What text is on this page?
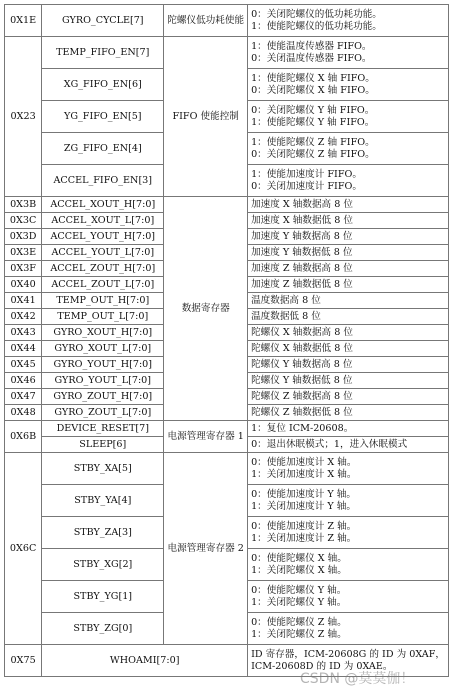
0X1E	GYRO_CYCLE[7]	陀螺仪低功耗使能	0：关闭陀螺仪的低功耗功能。
1：使能陀螺仪的低功耗功能。

0X23	TEMP_FIFO_EN[7]	FIFO 使能控制	1：使能温度传感器 FIFO。
0：关闭温度传感器 FIFO。

	XG_FIFO_EN[6]		1：使能陀螺仪 X 轴 FIFO。
0：关闭陀螺仪 X 轴 FIFO。

	YG_FIFO_EN[5]		0：关闭陀螺仪 Y 轴 FIFO。
1：使能陀螺仪 Y 轴 FIFO。

	ZG_FIFO_EN[4]		1：使能陀螺仪 Z 轴 FIFO。
0：关闭陀螺仪 Z 轴 FIFO。

	ACCEL_FIFO_EN[3]		1：使能加速度计 FIFO。
0：关闭加速度计 FIFO。

0X3B	ACCEL_XOUT_H[7:0]	数据寄存器	加速度 X 轴数据高 8 位
0X3C	ACCEL_XOUT_L[7:0]		加速度 X 轴数据低 8 位
0X3D	ACCEL_YOUT_H[7:0]		加速度 Y 轴数据高 8 位
0X3E	ACCEL_YOUT_L[7:0]		加速度 Y 轴数据低 8 位
0X3F	ACCEL_ZOUT_H[7:0]		加速度 Z 轴数据高 8 位
0X40	ACCEL_ZOUT_L[7:0]		加速度 Z 轴数据低 8 位
0X41	TEMP_OUT_H[7:0]		温度数据高 8 位
0X42	TEMP_OUT_L[7:0]		温度数据低 8 位
0X43	GYRO_XOUT_H[7:0]		陀螺仪 X 轴数据高 8 位
0X44	GYRO_XOUT_L[7:0]		陀螺仪 X 轴数据低 8 位
0X45	GYRO_YOUT_H[7:0]		陀螺仪 Y 轴数据高 8 位
0X46	GYRO_YOUT_L[7:0]		陀螺仪 Y 轴数据低 8 位
0X47	GYRO_ZOUT_H[7:0]		陀螺仪 Z 轴数据高 8 位
0X48	GYRO_ZOUT_L[7:0]		陀螺仪 Z 轴数据低 8 位
0X6B	DEVICE_RESET[7]	电源管理寄存器 1	1：复位 ICM-20608。
	SLEEP[6]		0：退出休眠模式；1，进入休眠模式
0X6C	STBY_XA[5]	电源管理寄存器 2	0：使能加速度计 X 轴。
1：关闭加速度计 X 轴。

	STBY_YA[4]		0：使能加速度计 Y 轴。
1：关闭加速度计 Y 轴。

	STBY_ZA[3]		0：使能加速度计 Z 轴。
1：关闭加速度计 Z 轴。

	STBY_XG[2]		0：使能陀螺仪 X 轴。
1：关闭陀螺仪 X 轴。

	STBY_YG[1]		0：使能陀螺仪 Y 轴。
1：关闭陀螺仪 Y 轴。

	STBY_ZG[0]		0：使能陀螺仪 Z 轴。
1：关闭陀螺仪 Z 轴。

0X75	WHOAMI[7:0]		ID 寄存器，ICM-20608G 的 ID 为 0XAF，
ICM-20608D 的 ID 为 0XAE。
CSDN @莫莫伽！
